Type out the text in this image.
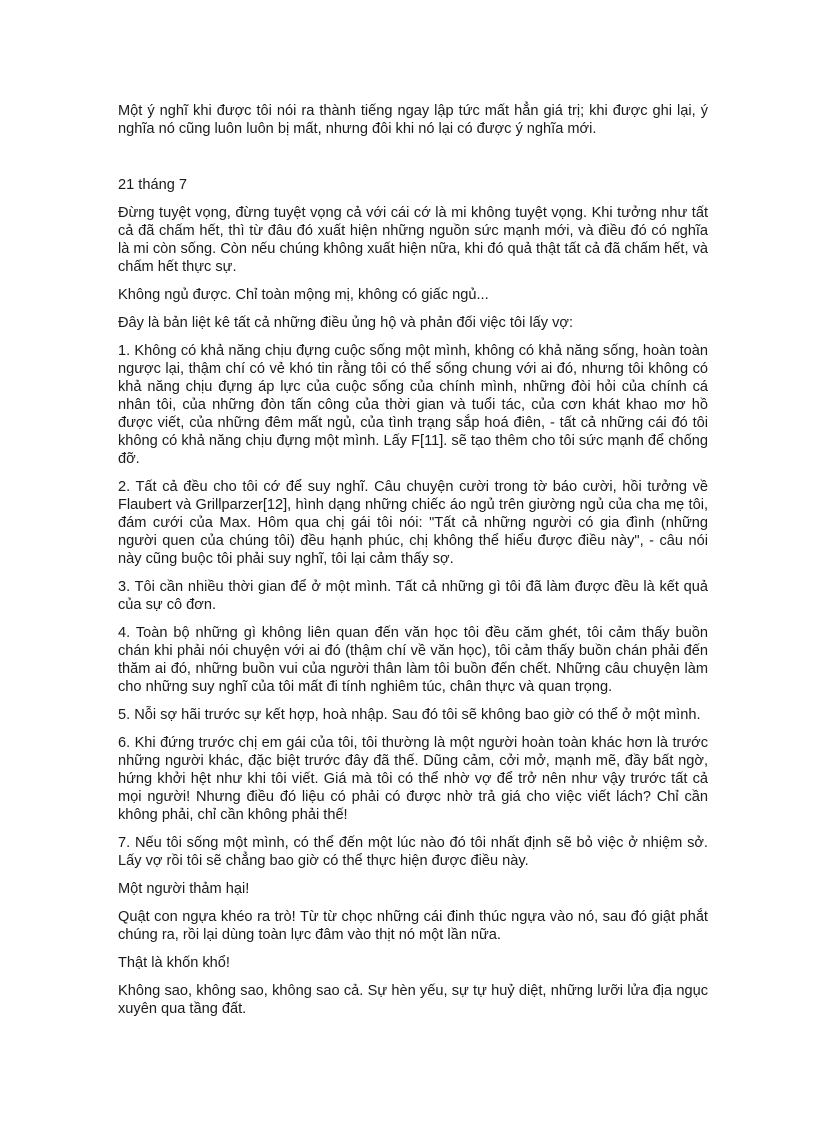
Một ý nghĩ khi được tôi nói ra thành tiếng ngay lập tức mất hẳn giá trị; khi được ghi lại, ý nghĩa nó cũng luôn luôn bị mất, nhưng đôi khi nó lại có được ý nghĩa mới.

21 tháng 7

Đừng tuyệt vọng, đừng tuyệt vọng cả với cái cớ là mi không tuyệt vọng. Khi tưởng như tất cả đã chấm hết, thì từ đâu đó xuất hiện những nguồn sức mạnh mới, và điều đó có nghĩa là mi còn sống. Còn nếu chúng không xuất hiện nữa, khi đó quả thật tất cả đã chấm hết, và chấm hết thực sự.

Không ngủ được. Chỉ toàn mộng mị, không có giấc ngủ...

Đây là bản liệt kê tất cả những điều ủng hộ và phản đối việc tôi lấy vợ:

1. Không có khả năng chịu đựng cuộc sống một mình, không có khả năng sống, hoàn toàn ngược lại, thậm chí có vẻ khó tin rằng tôi có thể sống chung với ai đó, nhưng tôi không có khả năng chịu đựng áp lực của cuộc sống của chính mình, những đòi hỏi của chính cá nhân tôi, của những đòn tấn công của thời gian và tuổi tác, của cơn khát khao mơ hồ được viết, của những đêm mất ngủ, của tình trạng sắp hoá điên, - tất cả những cái đó tôi không có khả năng chịu đựng một mình. Lấy F[11]. sẽ tạo thêm cho tôi sức mạnh để chống đỡ.

2. Tất cả đều cho tôi cớ để suy nghĩ. Câu chuyện cười trong tờ báo cười, hồi tưởng về Flaubert và Grillparzer[12], hình dạng những chiếc áo ngủ trên giường ngủ của cha mẹ tôi, đám cưới của Max. Hôm qua chị gái tôi nói: "Tất cả những người có gia đình (những người quen của chúng tôi) đều hạnh phúc, chị không thể hiểu được điều này", - câu nói này cũng buộc tôi phải suy nghĩ, tôi lại cảm thấy sợ.

3. Tôi cần nhiều thời gian để ở một mình. Tất cả những gì tôi đã làm được đều là kết quả của sự cô đơn.

4. Toàn bộ những gì không liên quan đến văn học tôi đều căm ghét, tôi cảm thấy buồn chán khi phải nói chuyện với ai đó (thậm chí về văn học), tôi cảm thấy buồn chán phải đến thăm ai đó, những buồn vui của người thân làm tôi buồn đến chết. Những câu chuyện làm cho những suy nghĩ của tôi mất đi tính nghiêm túc, chân thực và quan trọng.

5. Nỗi sợ hãi trước sự kết hợp, hoà nhập. Sau đó tôi sẽ không bao giờ có thể ở một mình.

6. Khi đứng trước chị em gái của tôi, tôi thường là một người hoàn toàn khác hơn là trước những người khác, đặc biệt trước đây đã thế. Dũng cảm, cởi mở, mạnh mẽ, đầy bất ngờ, hứng khởi hệt như khi tôi viết. Giá mà tôi có thể nhờ vợ để trở nên như vậy trước tất cả mọi người! Nhưng điều đó liệu có phải có được nhờ trả giá cho việc viết lách? Chỉ cần không phải, chỉ cần không phải thế!

7. Nếu tôi sống một mình, có thể đến một lúc nào đó tôi nhất định sẽ bỏ việc ở nhiệm sở. Lấy vợ rồi tôi sẽ chẳng bao giờ có thể thực hiện được điều này.

Một người thảm hại!

Quật con ngựa khéo ra trò! Từ từ chọc những cái đinh thúc ngựa vào nó, sau đó giật phắt chúng ra, rồi lại dùng toàn lực đâm vào thịt nó một lần nữa.

Thật là khốn khổ!

Không sao, không sao, không sao cả. Sự hèn yếu, sự tự huỷ diệt, những lưỡi lửa địa ngục xuyên qua tầng đất.
